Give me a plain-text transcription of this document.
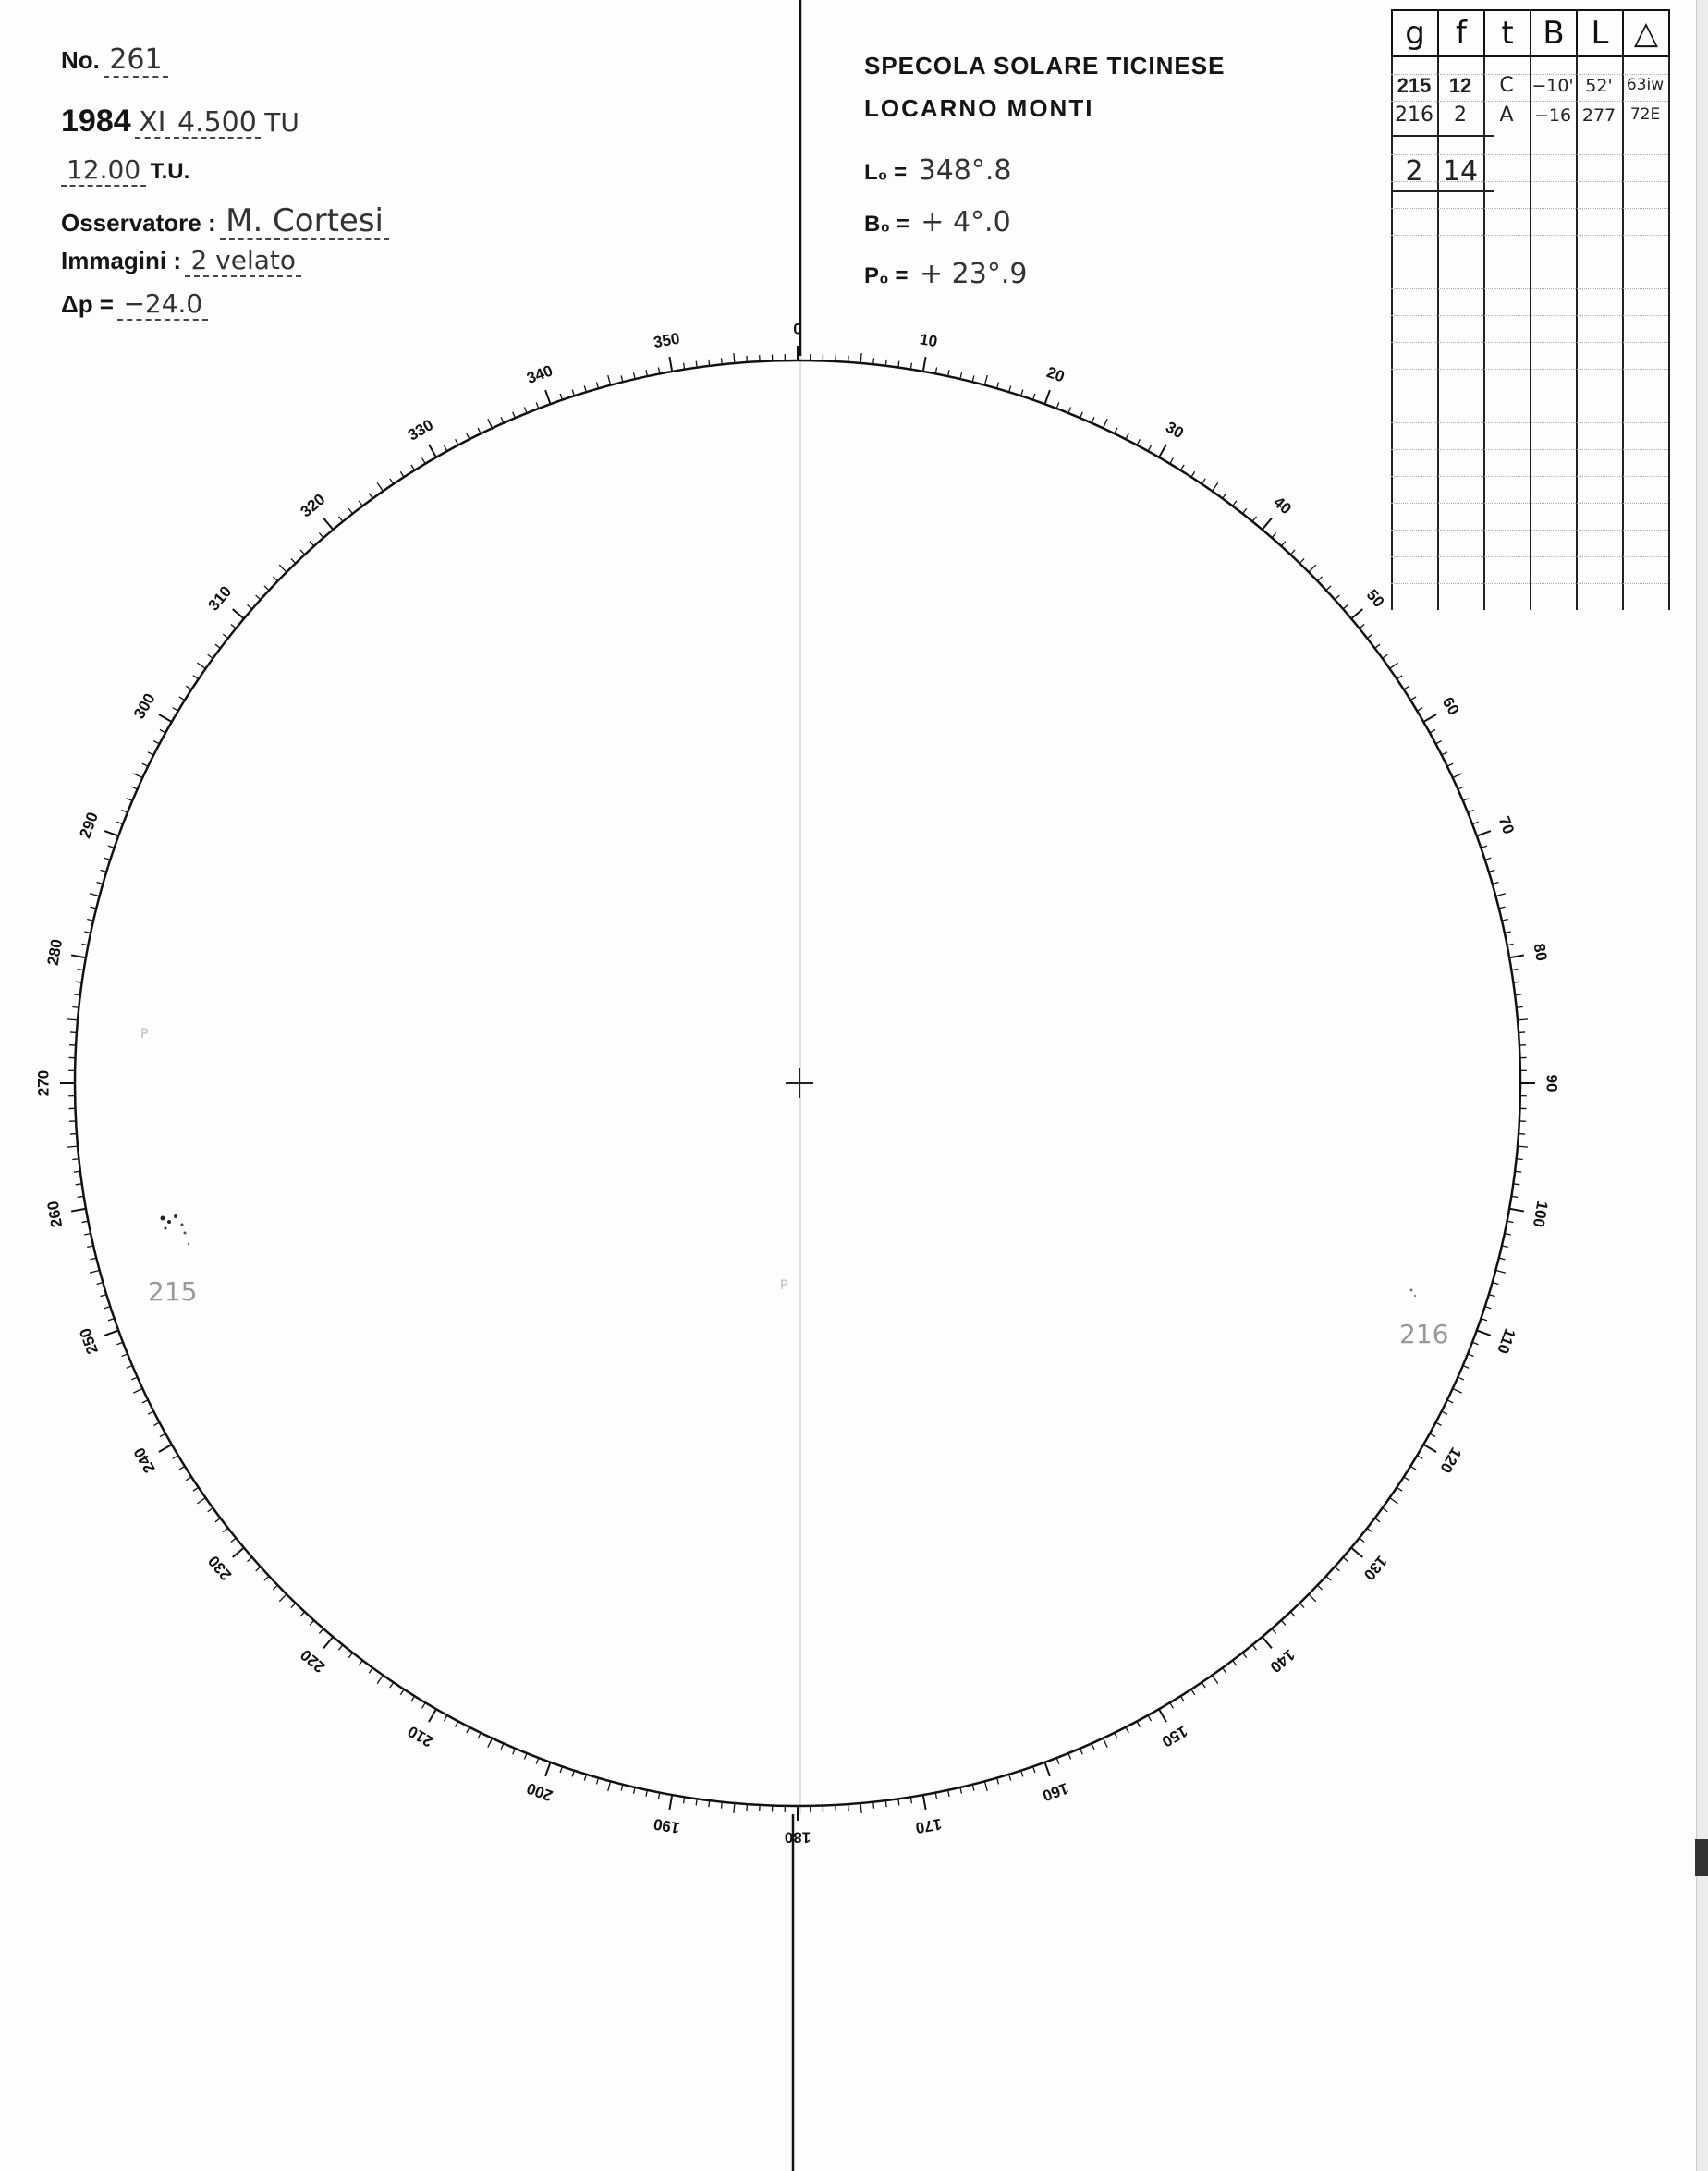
No. 261
1984 XI 4.500 TU
12.00 T.U.
Osservatore : M. Cortesi
Immagini : 2 velato
Δp = −24.0
SPECOLA SOLARE TICINESE
LOCARNO MONTI
L₀ = 348°.8
B₀ = + 4°.0
P₀ = + 23°.9
g f	t B L △
215 12	C	−10' 52' 63iw
216	2	A	−16 277 72E
2 14
0
10
20
30
40
50
60
70
80
90
100
110
120
130
140
150
160
170
180
190
200
210
220
230
240
250
260
270
280
290
300
310
320
330
340
350
215
216
P
P
